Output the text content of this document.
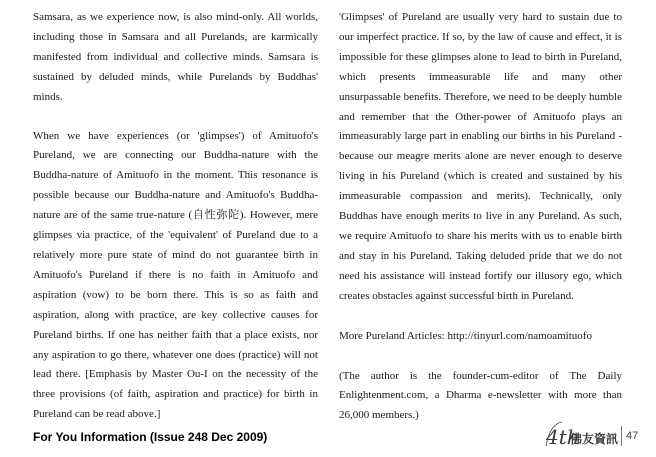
Samsara, as we experience now, is also mind-only. All worlds, including those in Samsara and all Purelands, are karmically manifested from individual and collective minds. Samsara is sustained by deluded minds, while Purelands by Buddhas' minds.

When we have experiences (or 'glimpses') of Amituofo's Pureland, we are connecting our Buddha-nature with the Buddha-nature of Amituofo in the moment. This resonance is possible because our Buddha-nature and Amituofo's Buddha-nature are of the same true-nature (自性弥陀). However, mere glimpses via practice, of the 'equivalent' of Pureland due to a relatively more pure state of mind do not guarantee birth in Amituofo's Pureland if there is no faith in Amituofo and aspiration (vow) to be born there. This is so as faith and aspiration, along with practice, are key collective causes for Pureland births. If one has neither faith that a place exists, nor any aspiration to go there, whatever one does (practice) will not lead there. [Emphasis by Master Ou-I on the necessity of the three provisions (of faith, aspiration and practice) for birth in Pureland can be read above.]

'Glimpses' of Pureland are usually very hard to sustain due to our imperfect practice. If so, by the law of cause and effect, it is impossible for these glimpses alone to lead to birth in Pureland, which presents immeasurable life and many other unsurpassable benefits. Therefore, we need to be deeply humble and remember that the Other-power of Amituofo plays an immeasurably large part in enabling our births in his Pureland - because our meagre merits alone are never enough to deserve living in his Pureland (which is created and sustained by his immeasurable compassion and merits). Technically, only Buddhas have enough merits to live in any Pureland. As such, we require Amituofo to share his merits with us to enable birth and stay in his Pureland. Taking deluded pride that we do not need his assistance will instead fortify our illusory ego, which creates obstacles against successful birth in Pureland.

More Pureland Articles: http://tinyurl.com/namoamituofo

(The author is the founder-cum-editor of The Daily Enlightenment.com, a Dharma e-newsletter with more than 26,000 members.)

For You Information (Issue 248 Dec 2009)	4th
佛友資訊 47
